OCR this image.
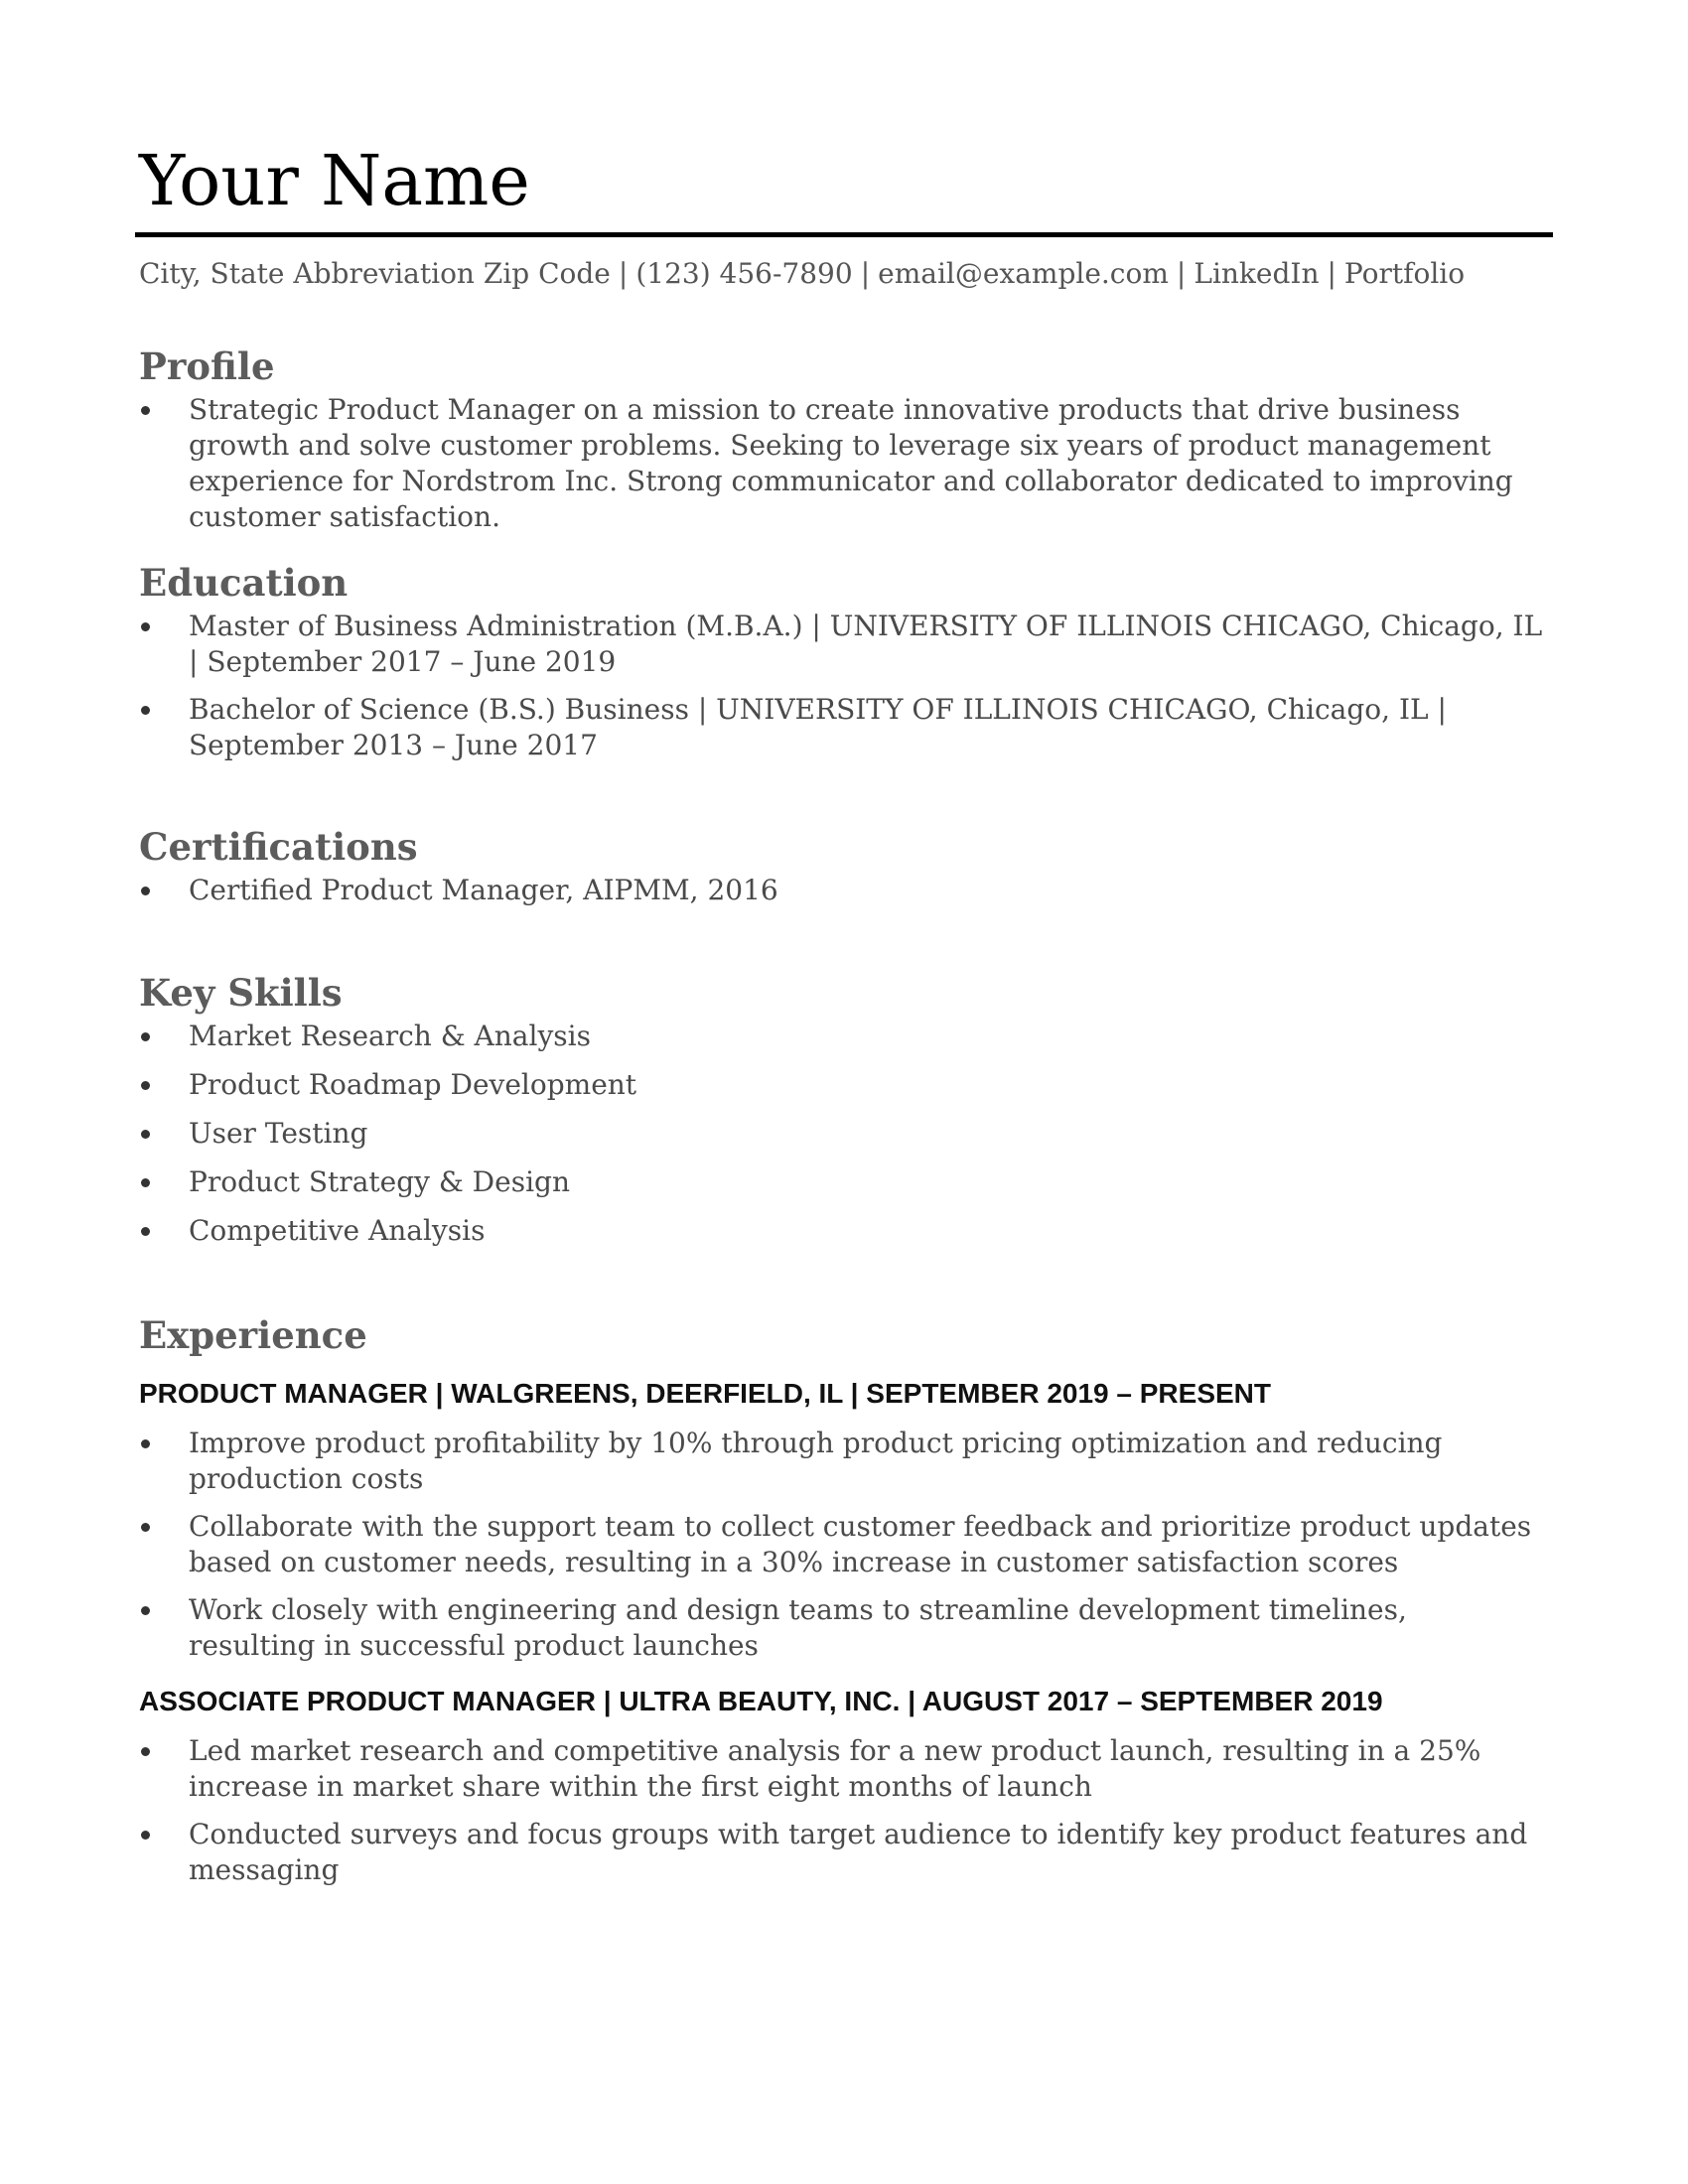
Your Name
City, State Abbreviation Zip Code | (123) 456-7890 | email@example.com | LinkedIn | Portfolio
Profile
Strategic Product Manager on a mission to create innovative products that drive business growth and solve customer problems. Seeking to leverage six years of product management experience for Nordstrom Inc. Strong communicator and collaborator dedicated to improving customer satisfaction.
Education
Master of Business Administration (M.B.A.) | UNIVERSITY OF ILLINOIS CHICAGO, Chicago, IL | September 2017 – June 2019
Bachelor of Science (B.S.) Business | UNIVERSITY OF ILLINOIS CHICAGO, Chicago, IL | September 2013 – June 2017
Certifications
Certified Product Manager, AIPMM, 2016
Key Skills
Market Research & Analysis
Product Roadmap Development
User Testing
Product Strategy & Design
Competitive Analysis
Experience
PRODUCT MANAGER | WALGREENS, DEERFIELD, IL | SEPTEMBER 2019 – PRESENT
Improve product profitability by 10% through product pricing optimization and reducing production costs
Collaborate with the support team to collect customer feedback and prioritize product updates based on customer needs, resulting in a 30% increase in customer satisfaction scores
Work closely with engineering and design teams to streamline development timelines, resulting in successful product launches
ASSOCIATE PRODUCT MANAGER | ULTRA BEAUTY, INC. | AUGUST 2017 – SEPTEMBER 2019
Led market research and competitive analysis for a new product launch, resulting in a 25% increase in market share within the first eight months of launch
Conducted surveys and focus groups with target audience to identify key product features and messaging
